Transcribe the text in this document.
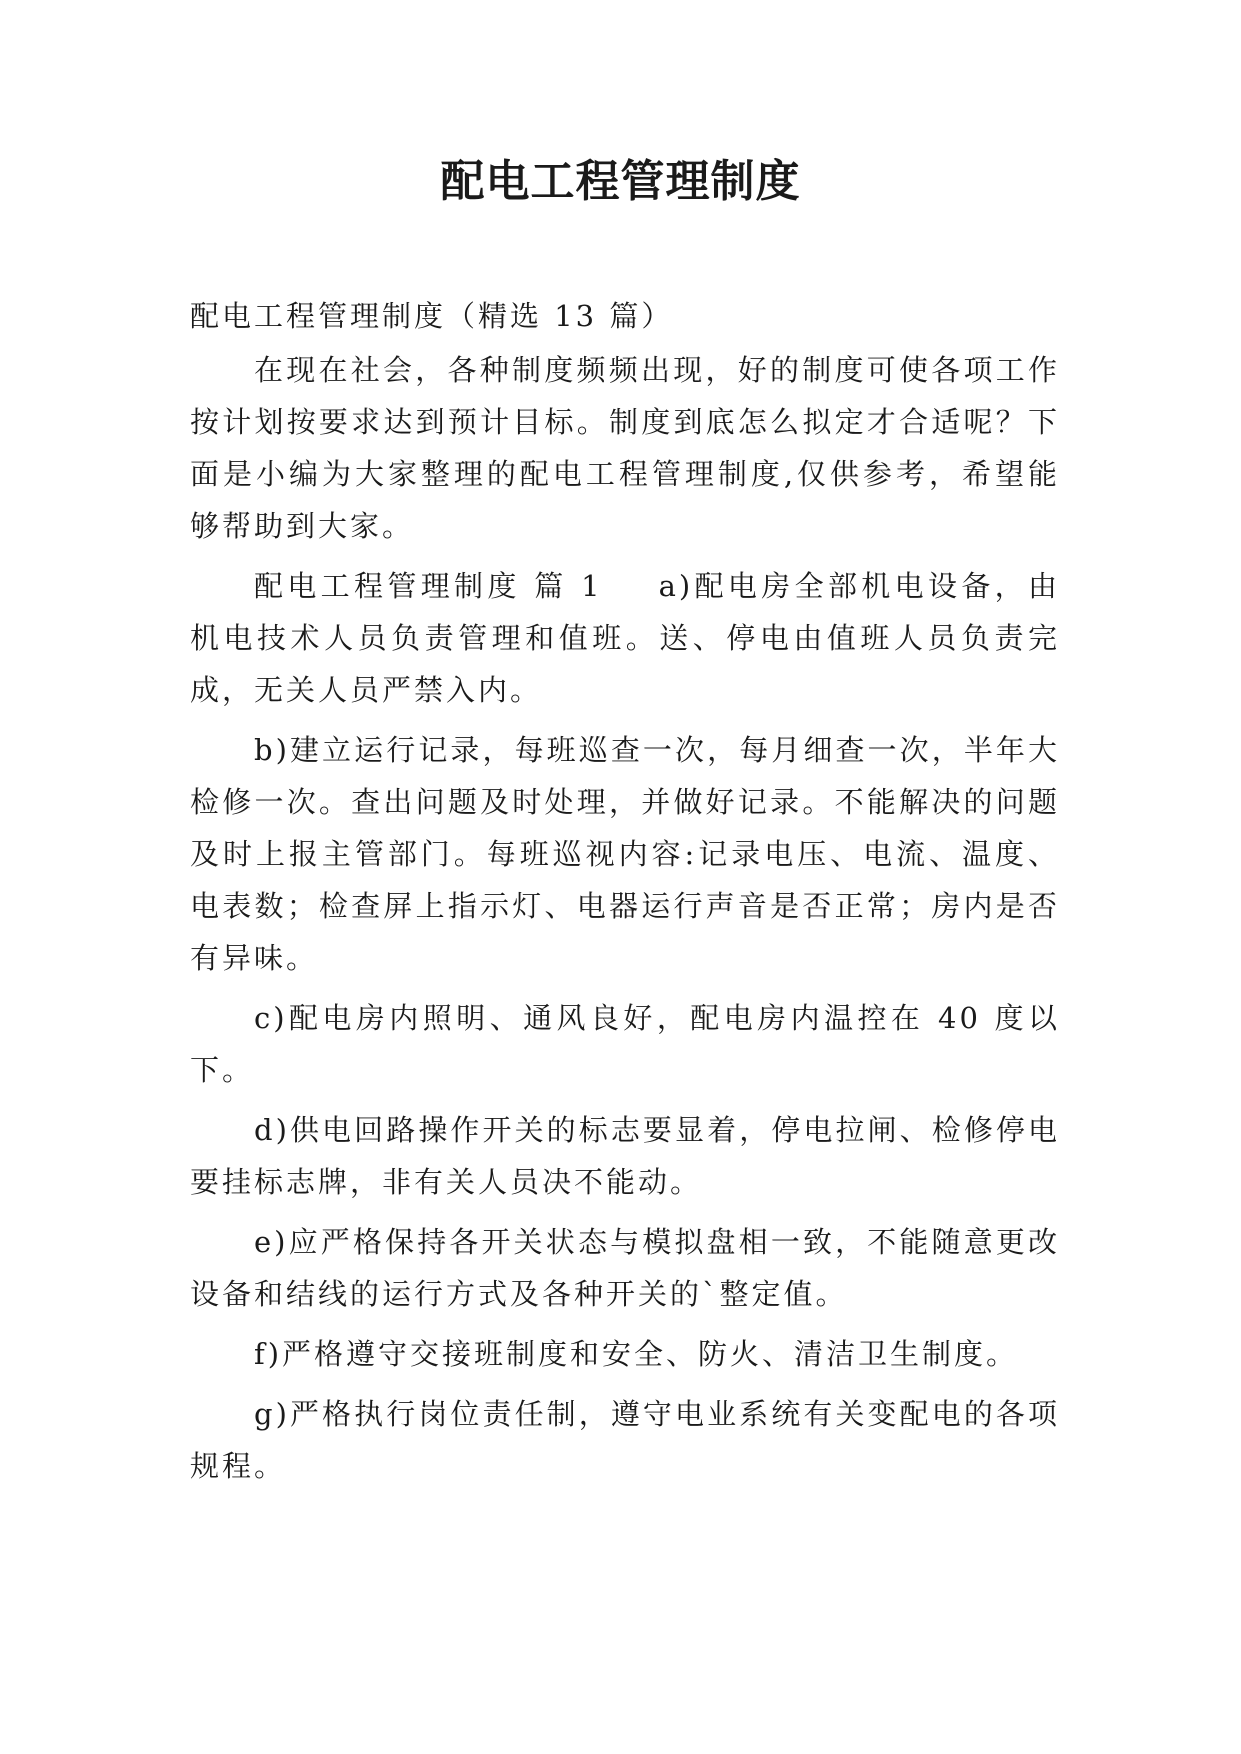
配电工程管理制度

配电工程管理制度（精选 13 篇）

在现在社会，各种制度频频出现，好的制度可使各项工作按计划按要求达到预计目标。制度到底怎么拟定才合适呢？下面是小编为大家整理的配电工程管理制度,仅供参考，希望能够帮助到大家。

配电工程管理制度 篇 1 a)配电房全部机电设备，由机电技术人员负责管理和值班。送、停电由值班人员负责完成，无关人员严禁入内。

b)建立运行记录，每班巡查一次，每月细查一次，半年大检修一次。查出问题及时处理，并做好记录。不能解决的问题及时上报主管部门。每班巡视内容:记录电压、电流、温度、电表数；检查屏上指示灯、电器运行声音是否正常；房内是否有异味。

c)配电房内照明、通风良好，配电房内温控在 40 度以下。

d)供电回路操作开关的标志要显着，停电拉闸、检修停电要挂标志牌，非有关人员决不能动。

e)应严格保持各开关状态与模拟盘相一致，不能随意更改设备和结线的运行方式及各种开关的`整定值。

f)严格遵守交接班制度和安全、防火、清洁卫生制度。

g)严格执行岗位责任制，遵守电业系统有关变配电的各项规程。
